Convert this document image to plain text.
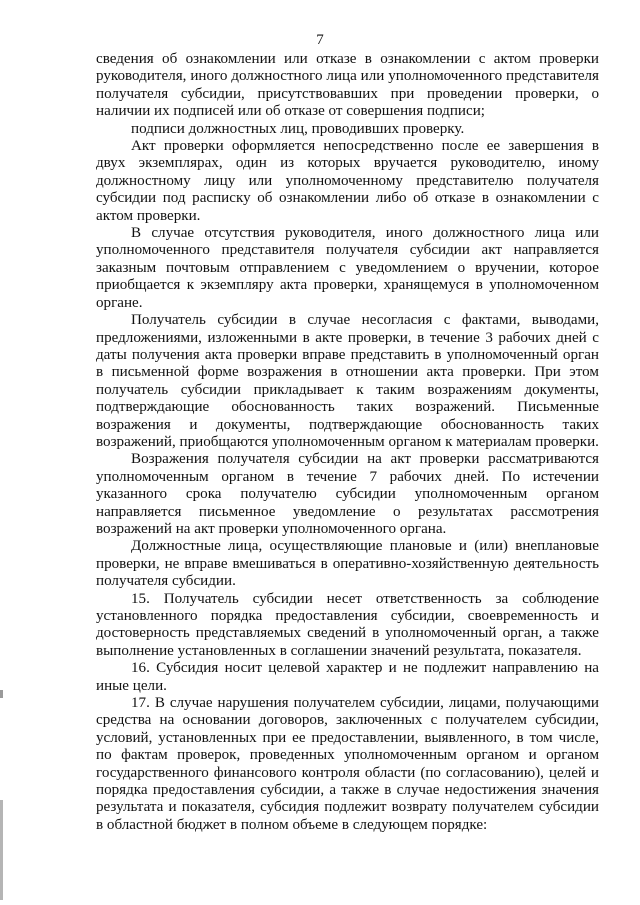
7

сведения об ознакомлении или отказе в ознакомлении с актом проверки руководителя, иного должностного лица или уполномоченного представителя получателя субсидии, присутствовавших при проведении проверки, о наличии их подписей или об отказе от совершения подписи;

подписи должностных лиц, проводивших проверку.

Акт проверки оформляется непосредственно после ее завершения в двух экземплярах, один из которых вручается руководителю, иному должностному лицу или уполномоченному представителю получателя субсидии под расписку об ознакомлении либо об отказе в ознакомлении с актом проверки.

В случае отсутствия руководителя, иного должностного лица или уполномоченного представителя получателя субсидии акт направляется заказным почтовым отправлением с уведомлением о вручении, которое приобщается к экземпляру акта проверки, хранящемуся в уполномоченном органе.

Получатель субсидии в случае несогласия с фактами, выводами, предложениями, изложенными в акте проверки, в течение 3 рабочих дней с даты получения акта проверки вправе представить в уполномоченный орган в письменной форме возражения в отношении акта проверки. При этом получатель субсидии прикладывает к таким возражениям документы, подтверждающие обоснованность таких возражений. Письменные возражения и документы, подтверждающие обоснованность таких возражений, приобщаются уполномоченным органом к материалам проверки.

Возражения получателя субсидии на акт проверки рассматриваются уполномоченным органом в течение 7 рабочих дней. По истечении указанного срока получателю субсидии уполномоченным органом направляется письменное уведомление о результатах рассмотрения возражений на акт проверки уполномоченного органа.

Должностные лица, осуществляющие плановые и (или) внеплановые проверки, не вправе вмешиваться в оперативно-хозяйственную деятельность получателя субсидии.

15. Получатель субсидии несет ответственность за соблюдение установленного порядка предоставления субсидии, своевременность и достоверность представляемых сведений в уполномоченный орган, а также выполнение установленных в соглашении значений результата, показателя.

16. Субсидия носит целевой характер и не подлежит направлению на иные цели.

17. В случае нарушения получателем субсидии, лицами, получающими средства на основании договоров, заключенных с получателем субсидии, условий, установленных при ее предоставлении, выявленного, в том числе, по фактам проверок, проведенных уполномоченным органом и органом государственного финансового контроля области (по согласованию), целей и порядка предоставления субсидии, а также в случае недостижения значения результата и показателя, субсидия подлежит возврату получателем субсидии в областной бюджет в полном объеме в следующем порядке:
